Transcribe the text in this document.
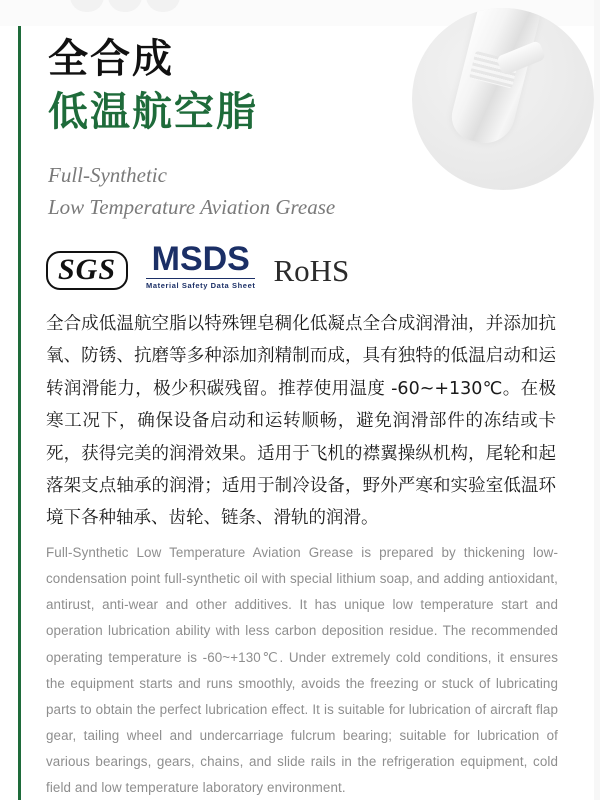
全合成
低温航空脂
Full-Synthetic
Low Temperature Aviation Grease
SGS	MSDS
Material Safety Data Sheet RoHS
全合成低温航空脂以特殊锂皂稠化低凝点全合成润滑油，并添加抗氧、防锈、抗磨等多种添加剂精制而成，具有独特的低温启动和运转润滑能力，极少积碳残留。推荐使用温度 -60~+130℃。在极寒工况下，确保设备启动和运转顺畅，避免润滑部件的冻结或卡死，获得完美的润滑效果。适用于飞机的襟翼操纵机构，尾轮和起落架支点轴承的润滑；适用于制冷设备，野外严寒和实验室低温环境下各种轴承、齿轮、链条、滑轨的润滑。
Full-Synthetic Low Temperature Aviation Grease is prepared by thickening low-condensation point full-synthetic oil with special lithium soap, and adding antioxidant, antirust, anti-wear and other additives. It has unique low temperature start and operation lubrication ability with less carbon deposition residue. The recommended operating temperature is -60~+130℃. Under extremely cold conditions, it ensures the equipment starts and runs smoothly, avoids the freezing or stuck of lubricating parts to obtain the perfect lubrication effect. It is suitable for lubrication of aircraft flap gear, tailing wheel and undercarriage fulcrum bearing; suitable for lubrication of various bearings, gears, chains, and slide rails in the refrigeration equipment, cold field and low temperature laboratory environment.
